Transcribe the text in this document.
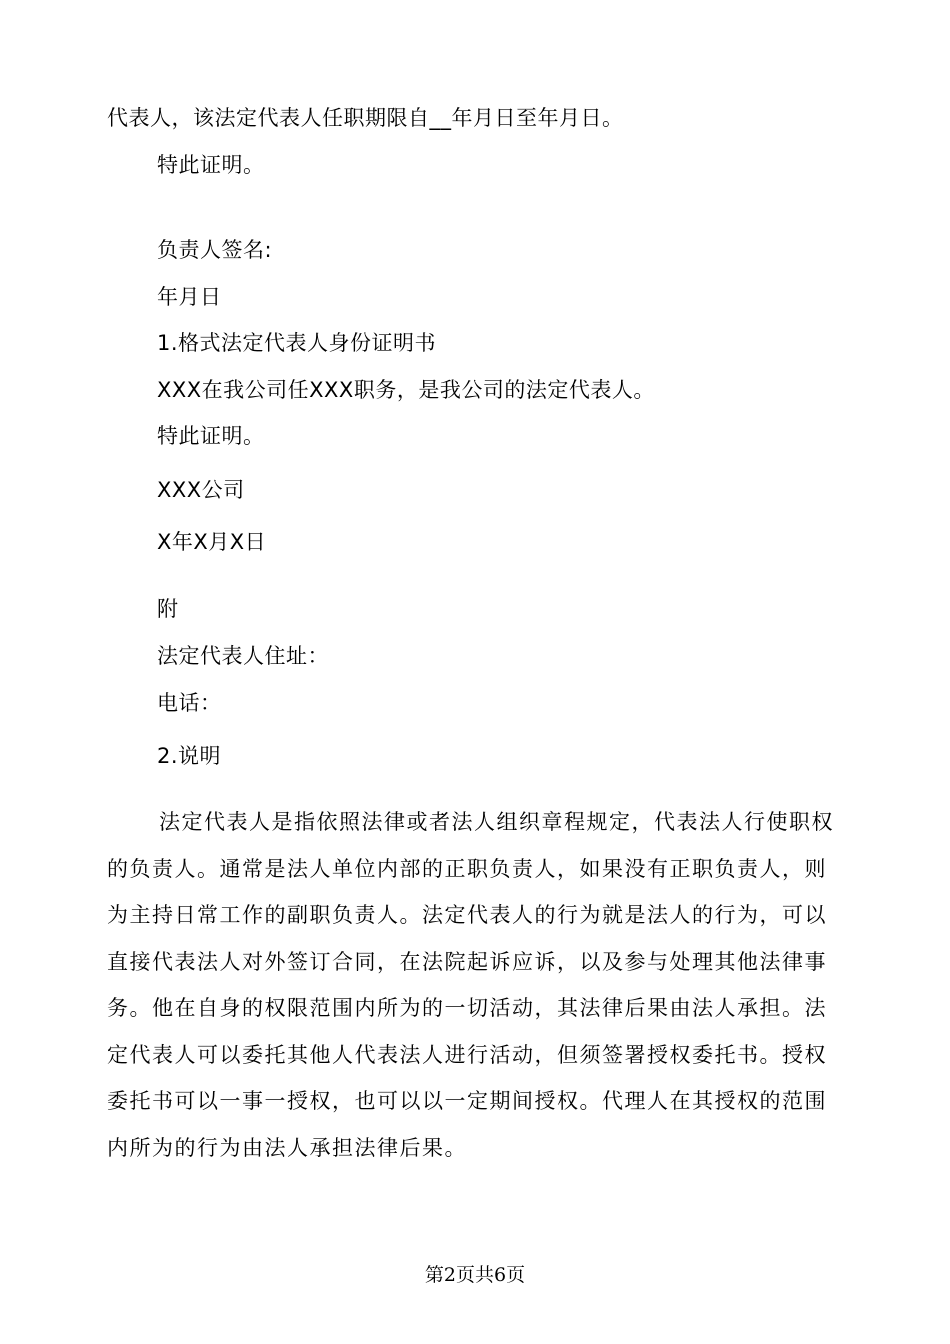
代表人，该法定代表人任职期限自__年月日至年月日。
特此证明。
负责人签名:
年月日
1.格式法定代表人身份证明书
XXX在我公司任XXX职务，是我公司的法定代表人。
特此证明。
XXX公司
X年X月X日
附
法定代表人住址：
电话：
2.说明
法定代表人是指依照法律或者法人组织章程规定，代表法人行使职权
的负责人。通常是法人单位内部的正职负责人，如果没有正职负责人，则
为主持日常工作的副职负责人。法定代表人的行为就是法人的行为，可以
直接代表法人对外签订合同，在法院起诉应诉，以及参与处理其他法律事
务。他在自身的权限范围内所为的一切活动，其法律后果由法人承担。法
定代表人可以委托其他人代表法人进行活动，但须签署授权委托书。授权
委托书可以一事一授权，也可以以一定期间授权。代理人在其授权的范围
内所为的行为由法人承担法律后果。
第2页共6页
